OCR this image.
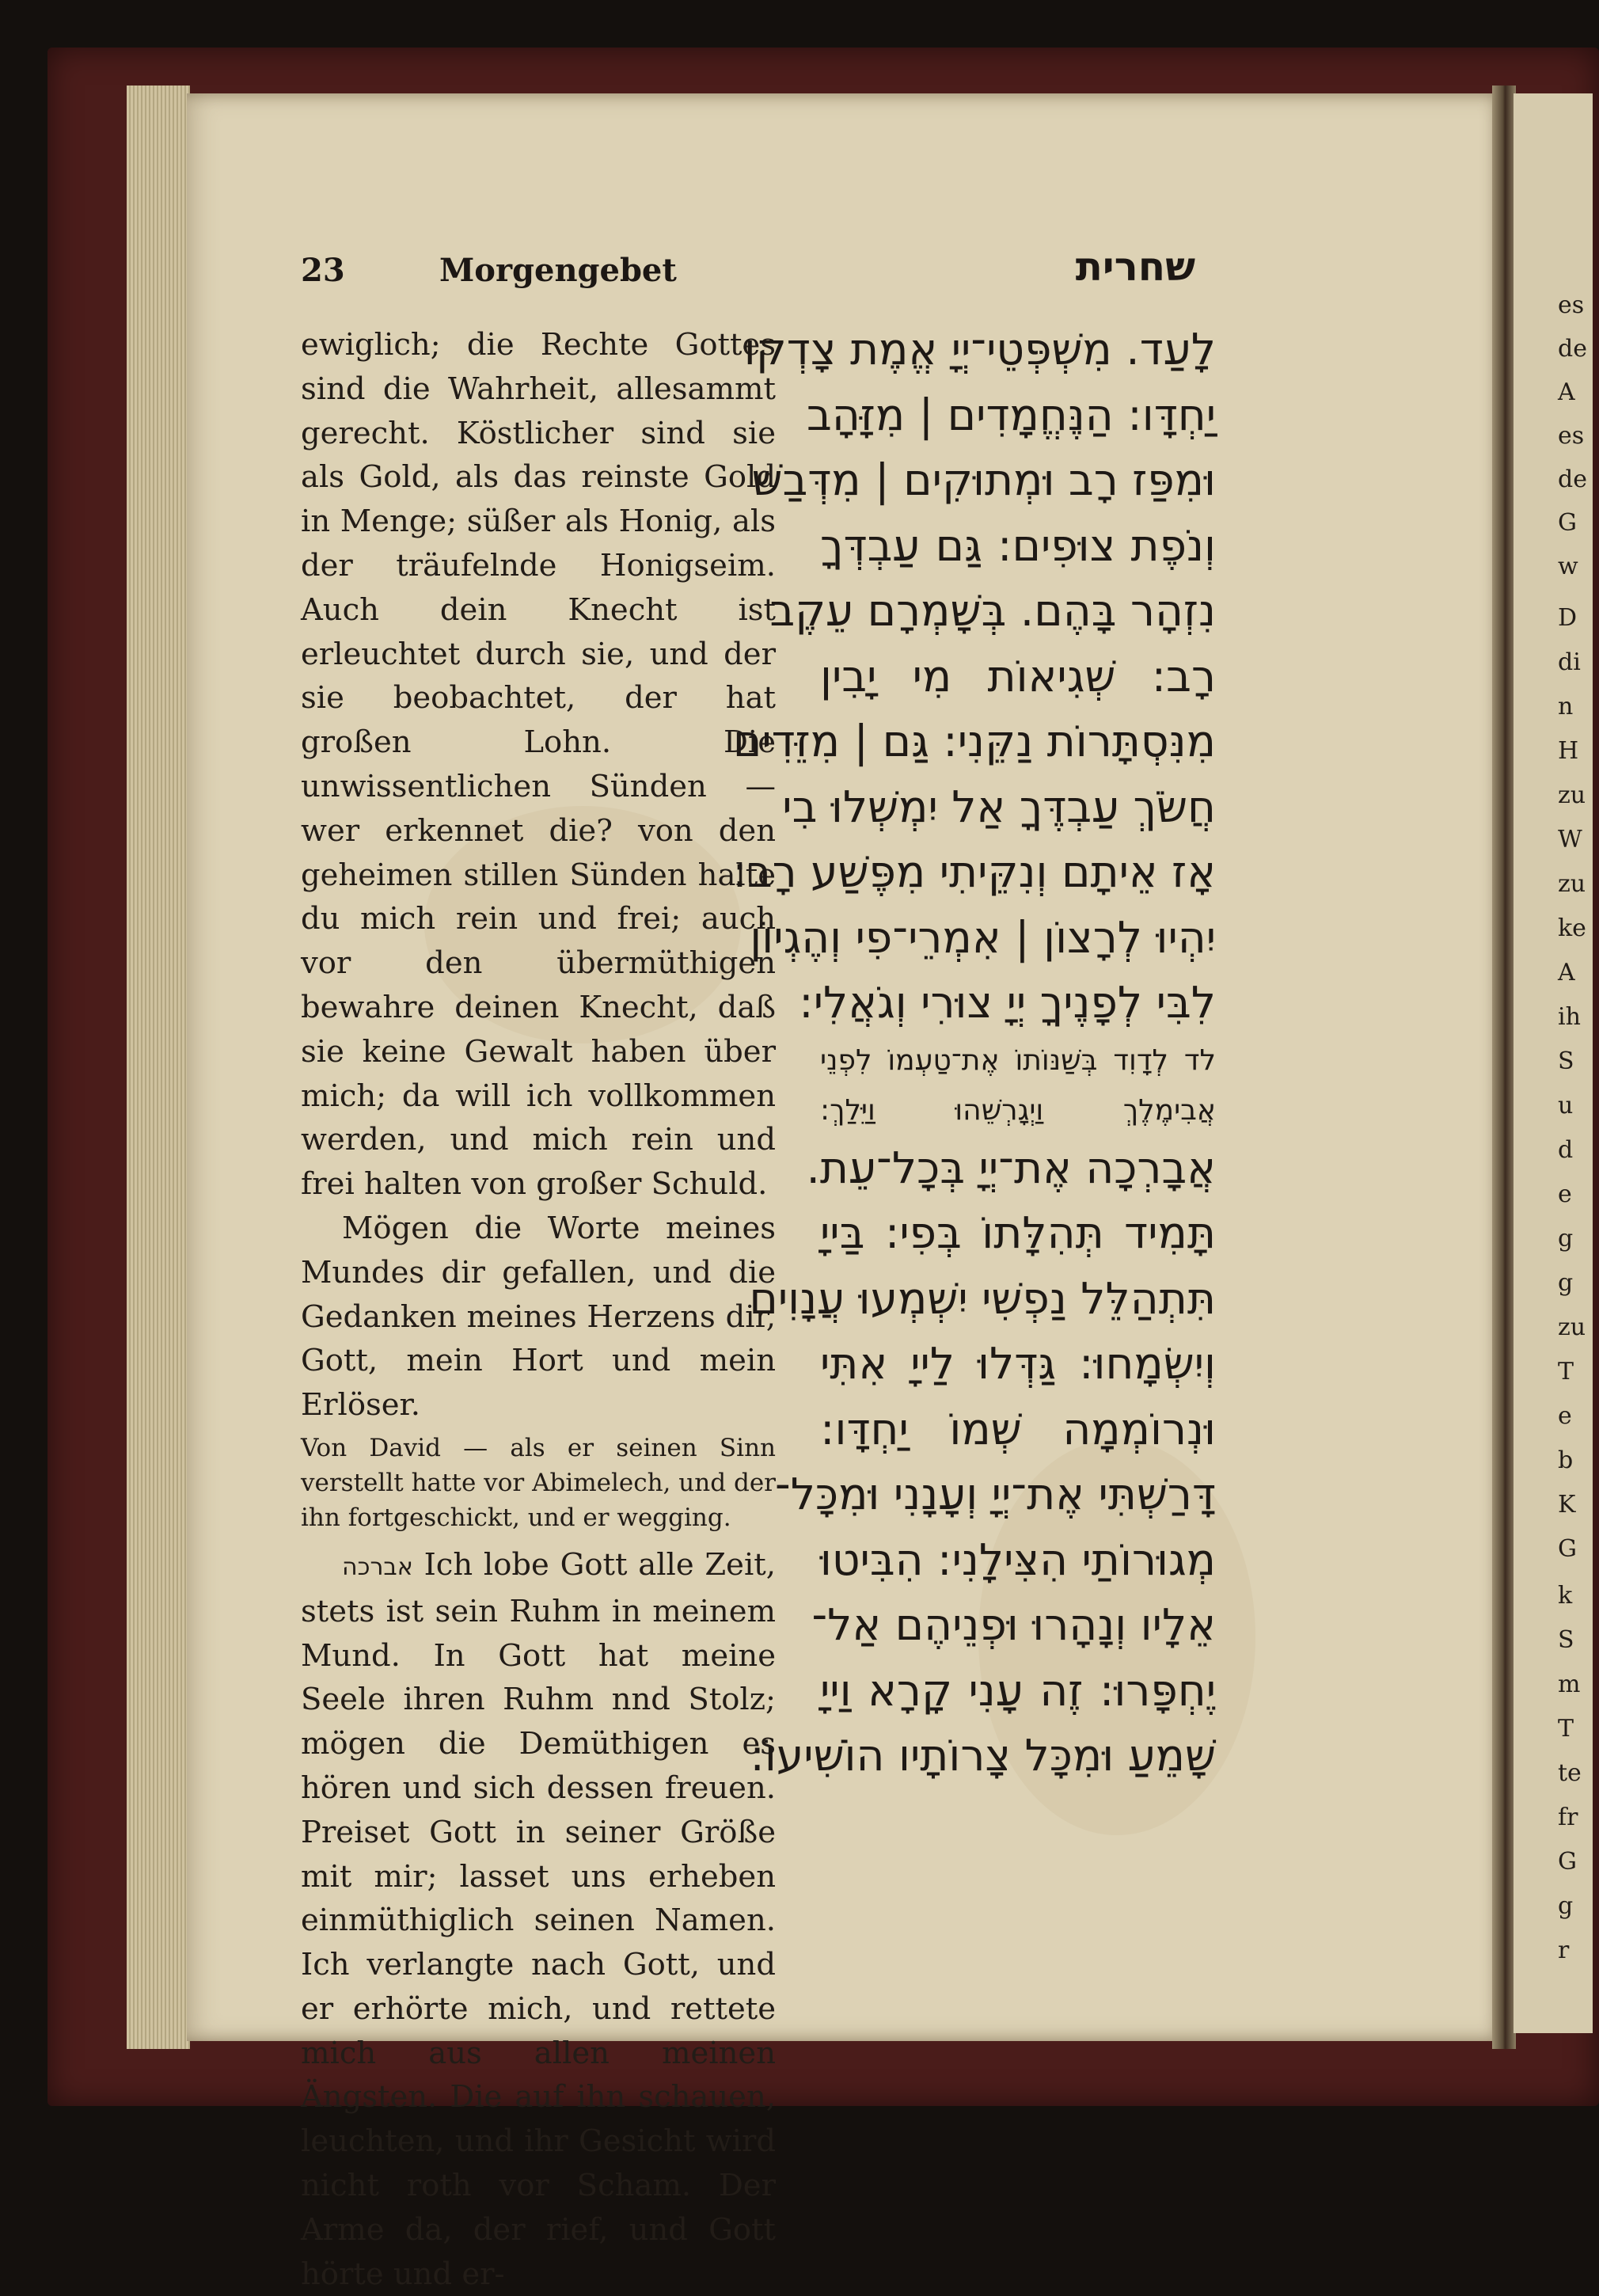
es
de
A
es
de
G
w
D
di
n
H
zu
W
zu
ke
A
ih
S
u
d
e
g
g
zu
T
e
b
K
G
k
S
m
T
te
fr
G
g
r
23	Morgengebet	שחרית

ewiglich; die Rechte Gottes sind die Wahrheit, allesammt gerecht. Köstlicher sind sie als Gold, als das reinste Gold in Menge; süßer als Honig, als der träufelnde Honigseim. Auch dein Knecht ist erleuchtet durch sie, und der sie beobachtet, der hat großen Lohn. Die unwissentlichen Sünden — wer erkennet die? von den geheimen stillen Sünden halte du mich rein und frei; auch vor den übermüthigen bewahre deinen Knecht, daß sie keine Gewalt haben über mich; da will ich vollkommen werden, und mich rein und frei halten von großer Schuld.

Mögen die Worte meines Mundes dir gefallen, und die Gedanken meines Herzens dir, Gott, mein Hort und mein Erlöser.

Von David — als er seinen Sinn verstellt hatte vor Abimelech, und der ihn fortgeschickt, und er wegging.

אברכה Ich lobe Gott alle Zeit, stets ist sein Ruhm in meinem Mund. In Gott hat meine Seele ihren Ruhm nnd Stolz; mögen die Demüthigen es hören und sich dessen freuen. Preiset Gott in seiner Größe mit mir; lasset uns erheben einmüthiglich seinen Namen. Ich verlangte nach Gott, und er erhörte mich, und rettete mich aus allen meinen Ängsten. Die auf ihn schauen, leuchten, und ihr Gesicht wird nicht roth vor Scham. Der Arme da, der rief, und Gott hörte und er-

לָעַד. מִשְׁפְּטֵי־יְיָ אֱמֶת צָדְקוּ
יַחְדָּו: הַנֶּחֱמָדִים | מִזָּהָב
וּמִפַּז רָב וּמְתוּקִים | מִדְּבַשׁ
וְנֹפֶת צוּפִים: גַּם עַבְדְּךָ
נִזְהָר בָּהֶם. בְּשָׁמְרָם עֵקֶב
רָב: שְׁגִיאוֹת מִי יָבִין
מִנִּסְתָּרוֹת נַקֵּנִי: גַּם | מִזֵּדִים
חֲשֹׂךְ עַבְדֶּךָ אַל יִמְשְׁלוּ בִי
אָז אֵיתָם וְנִקֵּיתִי מִפֶּשַׁע רָב:
יִהְיוּ לְרָצוֹן | אִמְרֵי־פִי וְהֶגְיוֹן
לִבִּי לְפָנֶיךָ יְיָ צוּרִי וְגֹאֲלִי:
לד לְדָוִד בְּשַׁנּוֹתוֹ אֶת־טַעְמוֹ לִפְנֵי
אֲבִימֶלֶךְ וַיְגָרְשֵׁהוּ וַיֵּלַךְ:
אֲבָרְכָה אֶת־יְיָ בְּכָל־עֵת.
תָּמִיד תְּהִלָּתוֹ בְּפִי: בַּייָ
תִּתְהַלֵּל נַפְשִׁי יִשְׁמְעוּ עֲנָוִים
וְיִשְׂמָחוּ: גַּדְּלוּ לַייָ אִתִּי
וּנְרוֹמְמָה שְׁמוֹ יַחְדָּו:
דָּרַשְׁתִּי אֶת־יְיָ וְעָנָנִי וּמִכָּל־
מְגוּרוֹתַי הִצִּילָנִי: הִבִּיטוּ
אֵלָיו וְנָהָרוּ וּפְנֵיהֶם אַל־
יֶחְפָּרוּ: זֶה עָנִי קָרָא וַייָ
שָׁמֵעַ וּמִכָּל צָרוֹתָיו הוֹשִׁיעוֹ:
